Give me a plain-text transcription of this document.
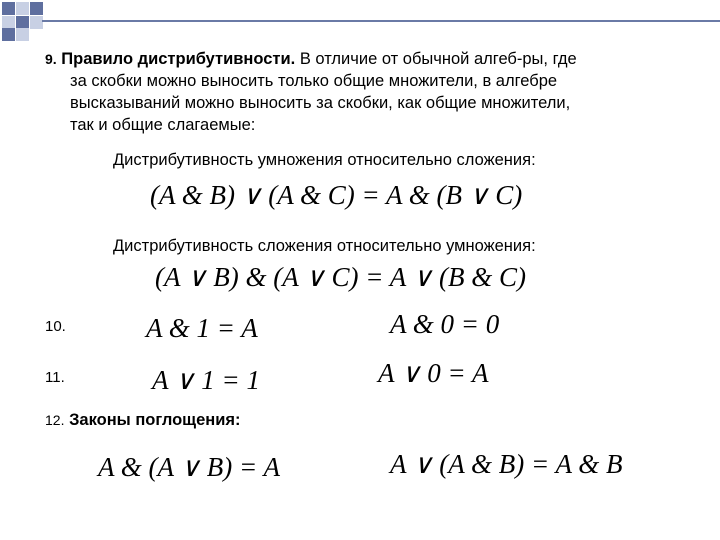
9. Правило дистрибутивности. В отличие от обычной алгеб-ры, где
за скобки можно выносить только общие множители, в алгебре
высказываний можно выносить за скобки, как общие множители,
так и общие слагаемые:
Дистрибутивность умножения относительно сложения:
(A & B) ∨ (A & C) = A & (B ∨ C)
Дистрибутивность сложения относительно умножения:
(A ∨ B) & (A ∨ C) = A ∨ (B & C)
10.	A & 1 = A	A & 0 = 0
11.	A ∨ 1 = 1	A ∨ 0 = A
12. Законы поглощения:
A & (A ∨ B) = A	A ∨ (A & B) = A & B
